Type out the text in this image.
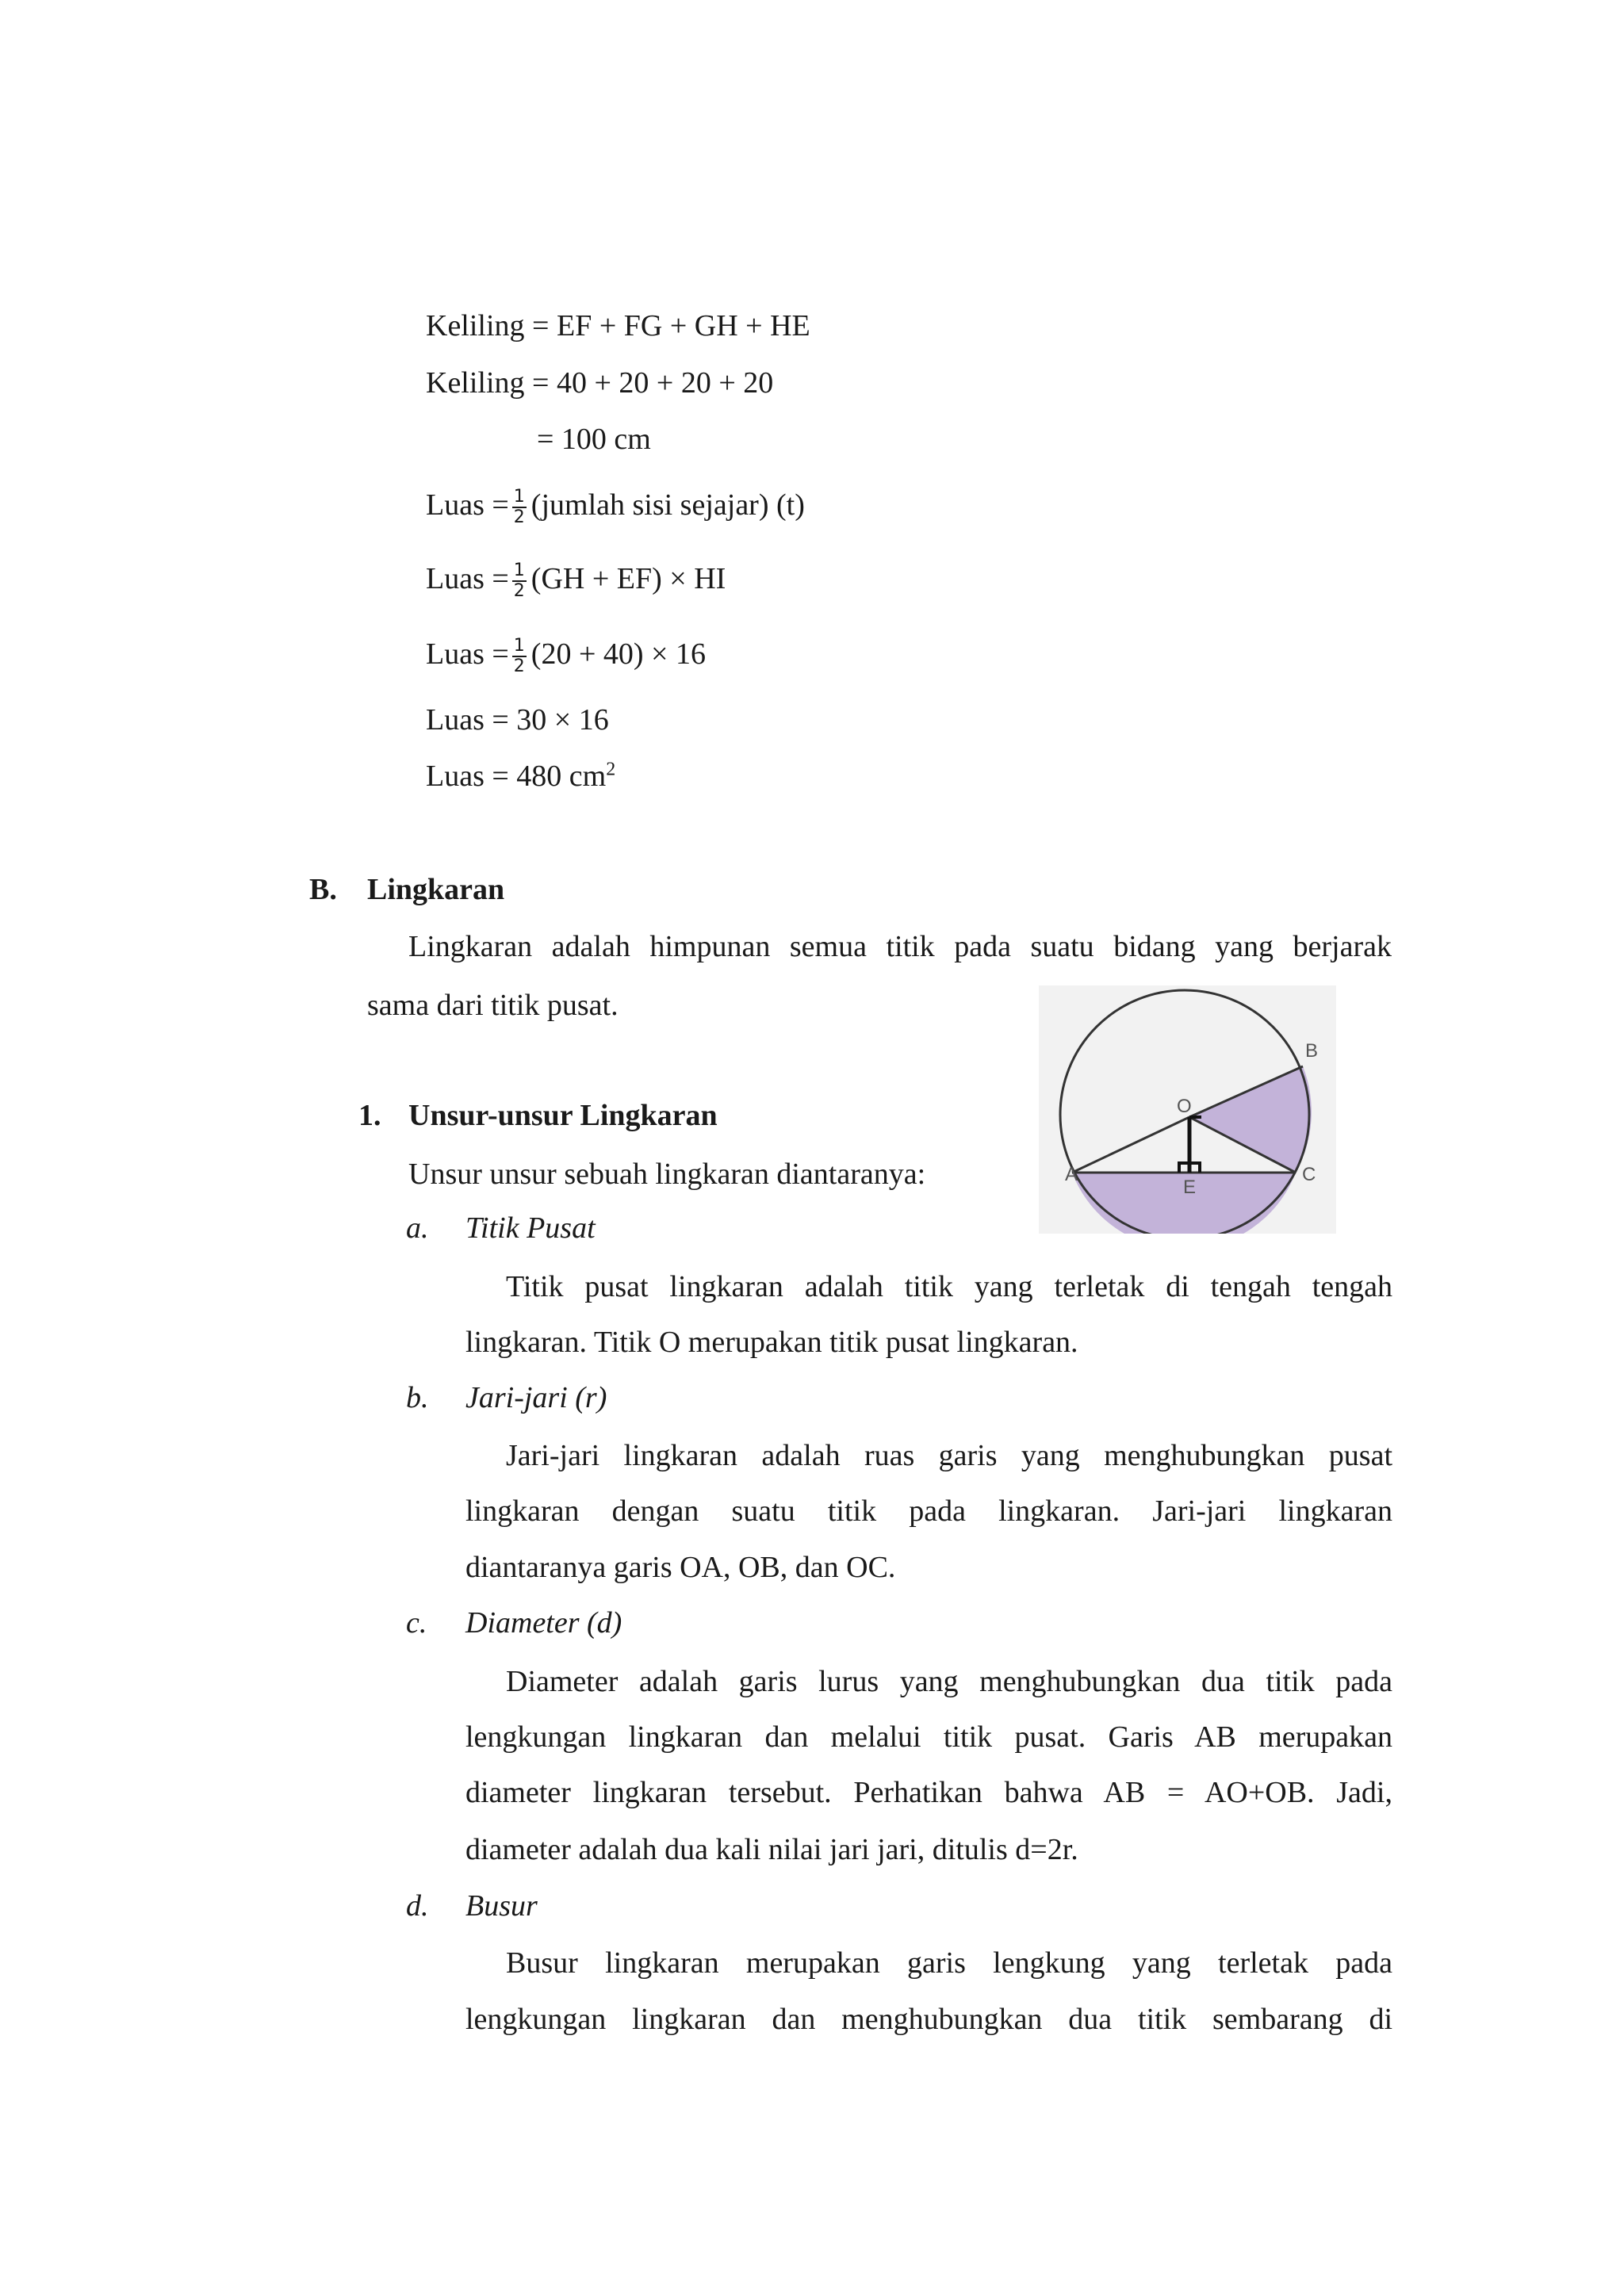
Keliling = EF + FG + GH + HE
Keliling = 40 + 20 + 20 + 20
= 100 cm
Luas = $\frac{1}{2}$ (jumlah sisi sejajar) (t)
Luas = $\frac{1}{2} (GH + EF)$ × HI
Luas = $\frac{1}{2} (20 + 40) \times 16$
Luas = 30 × 16
Luas = 480 $cm^2$
B. Lingkaran
Lingkaran adalah himpunan semua titik pada suatu bidang yang berjarak
sama dari titik pusat.
O
A
B
C
E
1. Unsur-unsur Lingkaran
Unsur unsur sebuah lingkaran diantaranya:
a. Titik Pusat
Titik pusat lingkaran adalah titik yang terletak di tengah tengah
lingkaran. Titik O merupakan titik pusat lingkaran.
b. Jari-jari (r)
Jari-jari lingkaran adalah ruas garis yang menghubungkan pusat
lingkaran dengan suatu titik pada lingkaran. Jari-jari lingkaran
diantaranya garis OA, OB, dan OC.
c. Diameter (d)
Diameter adalah garis lurus yang menghubungkan dua titik pada
lengkungan lingkaran dan melalui titik pusat. Garis AB merupakan
diameter lingkaran tersebut. Perhatikan bahwa AB = AO+OB. Jadi,
diameter adalah dua kali nilai jari jari, ditulis d=2r.
d. Busur
Busur lingkaran merupakan garis lengkung yang terletak pada
lengkungan lingkaran dan menghubungkan dua titik sembarang di
